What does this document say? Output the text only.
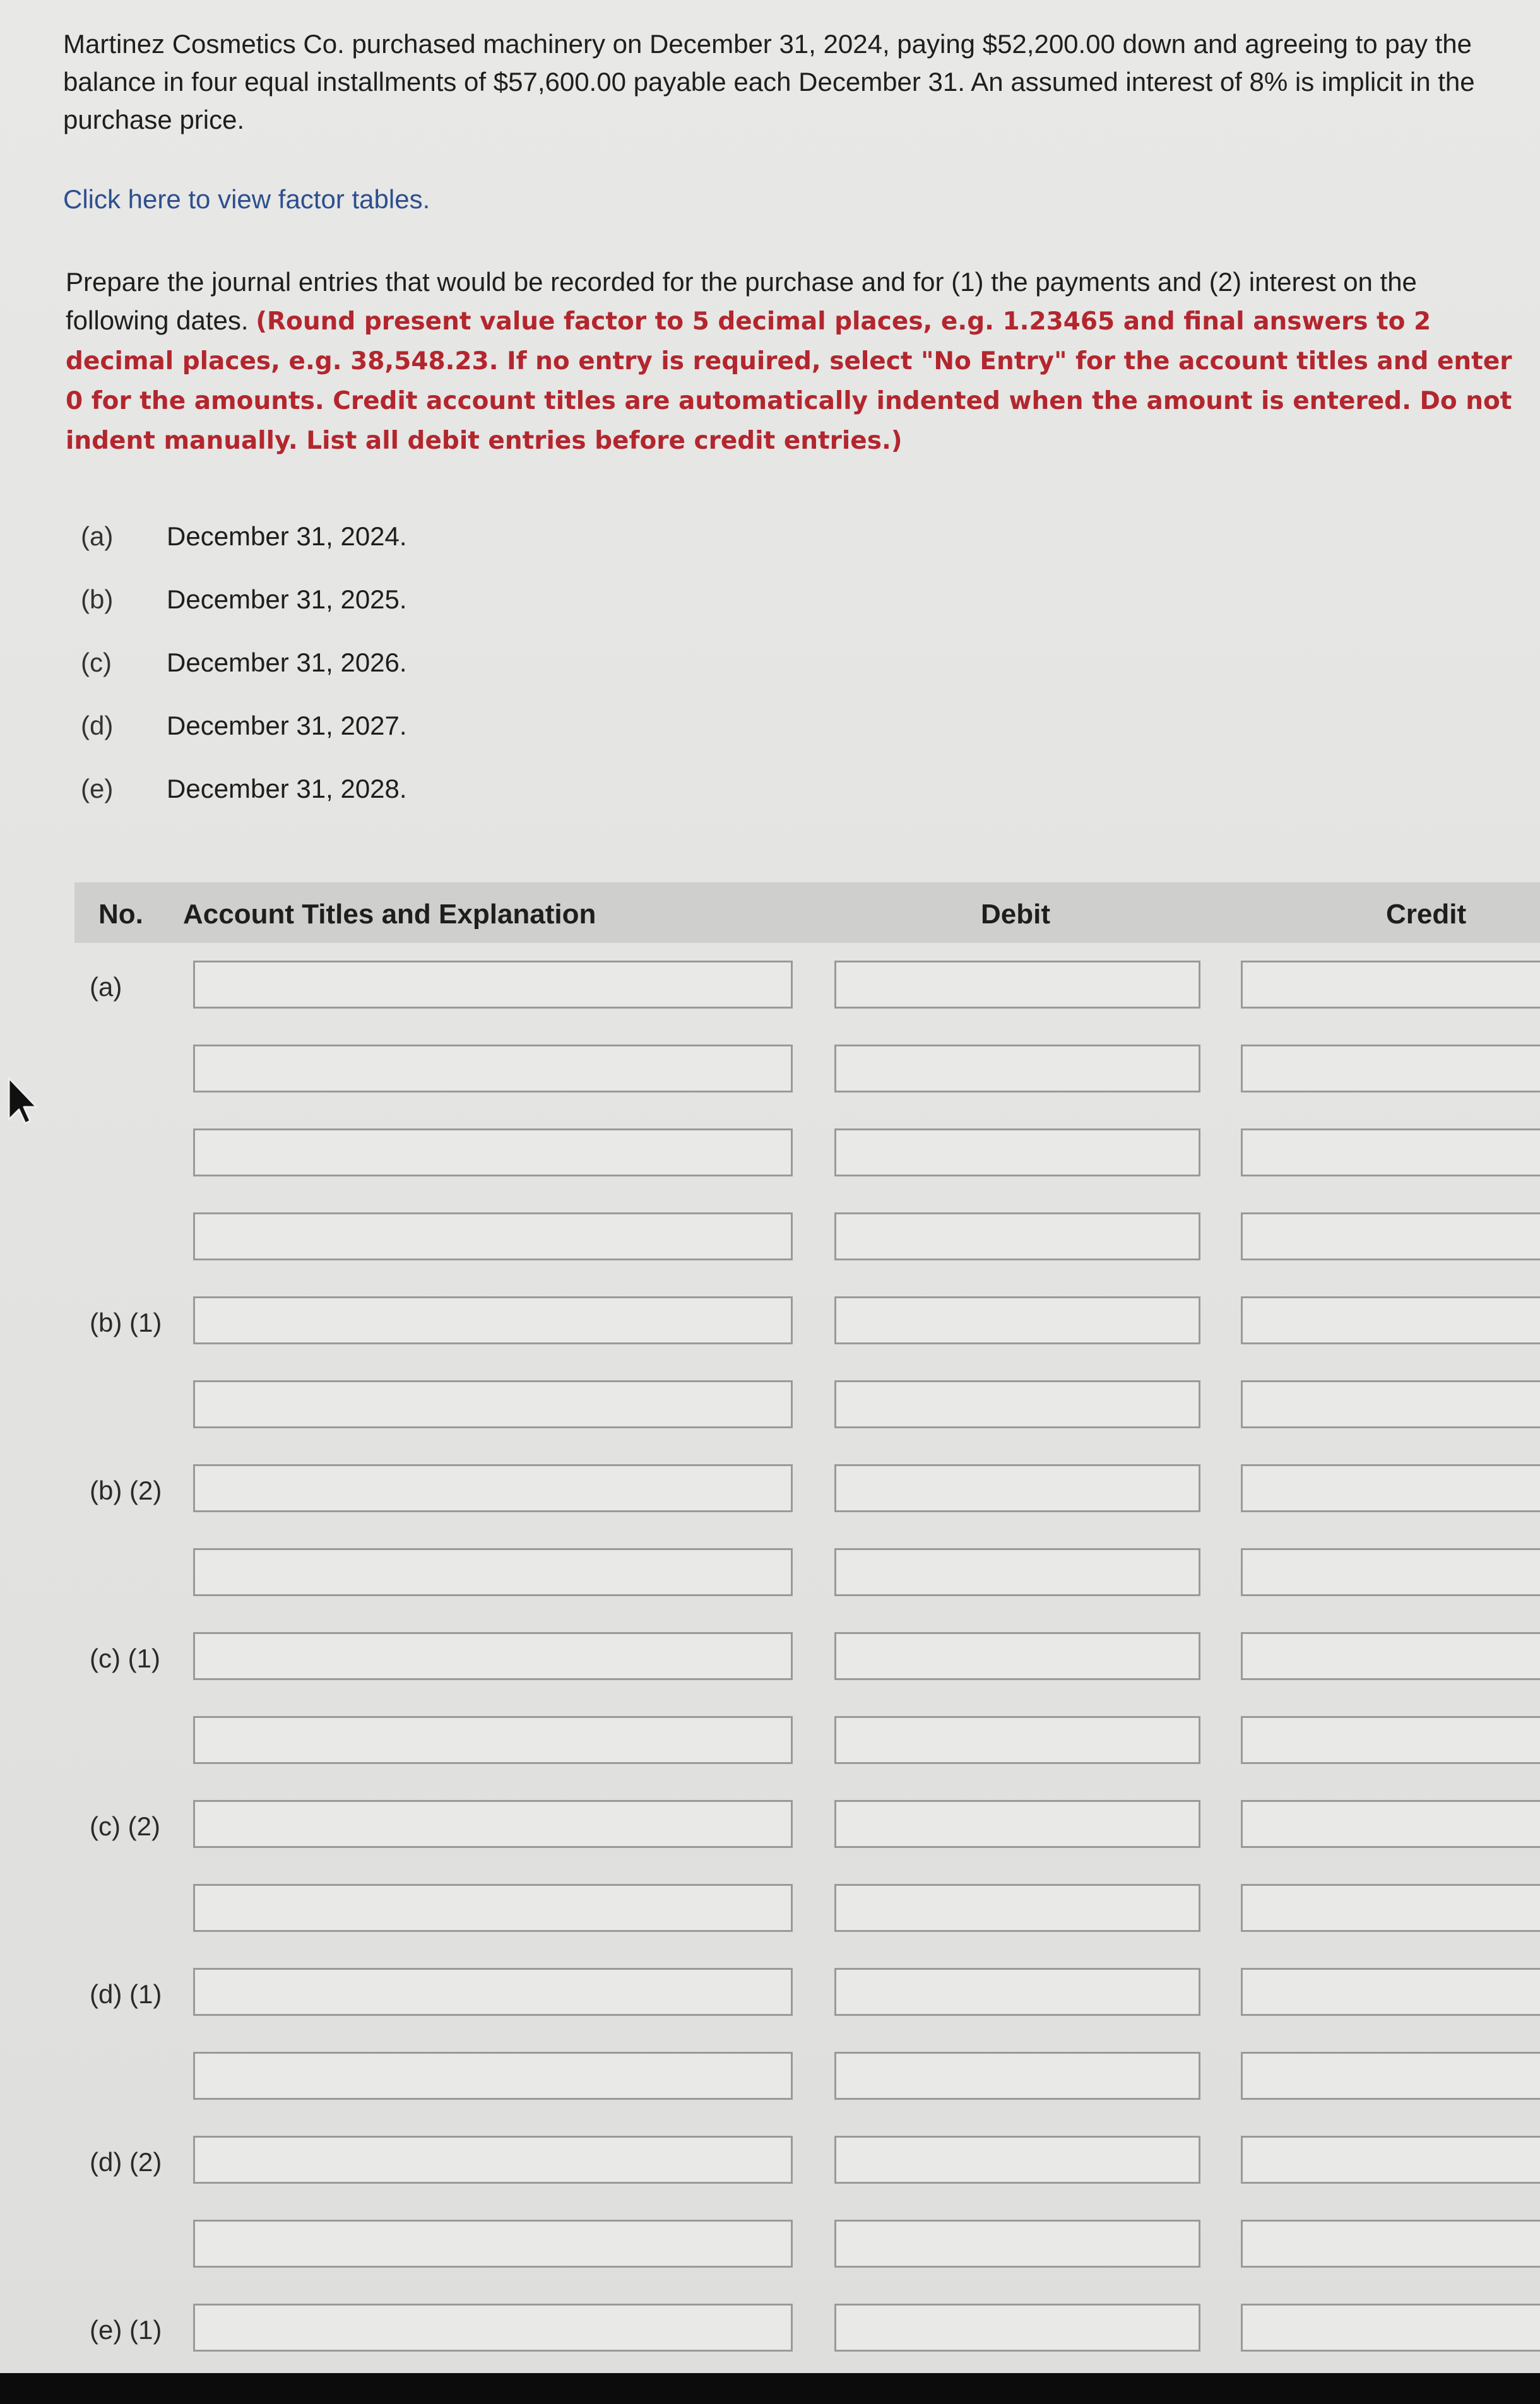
Martinez Cosmetics Co. purchased machinery on December 31, 2024, paying $52,200.00 down and agreeing to pay the balance in four equal installments of $57,600.00 payable each December 31. An assumed interest of 8% is implicit in the purchase price.
Click here to view factor tables.
Prepare the journal entries that would be recorded for the purchase and for (1) the payments and (2) interest on the following dates. (Round present value factor to 5 decimal places, e.g. 1.23465 and final answers to 2 decimal places, e.g. 38,548.23. If no entry is required, select "No Entry" for the account titles and enter 0 for the amounts. Credit account titles are automatically indented when the amount is entered. Do not indent manually. List all debit entries before credit entries.)
(a)	December 31, 2024.
(b)	December 31, 2025.
(c)	December 31, 2026.
(d)	December 31, 2027.
(e)	December 31, 2028.
No. Account Titles and Explanation	Debit	Credit
(a)
(b) (1)
(b) (2)
(c) (1)
(c) (2)
(d) (1)
(d) (2)
(e) (1)
